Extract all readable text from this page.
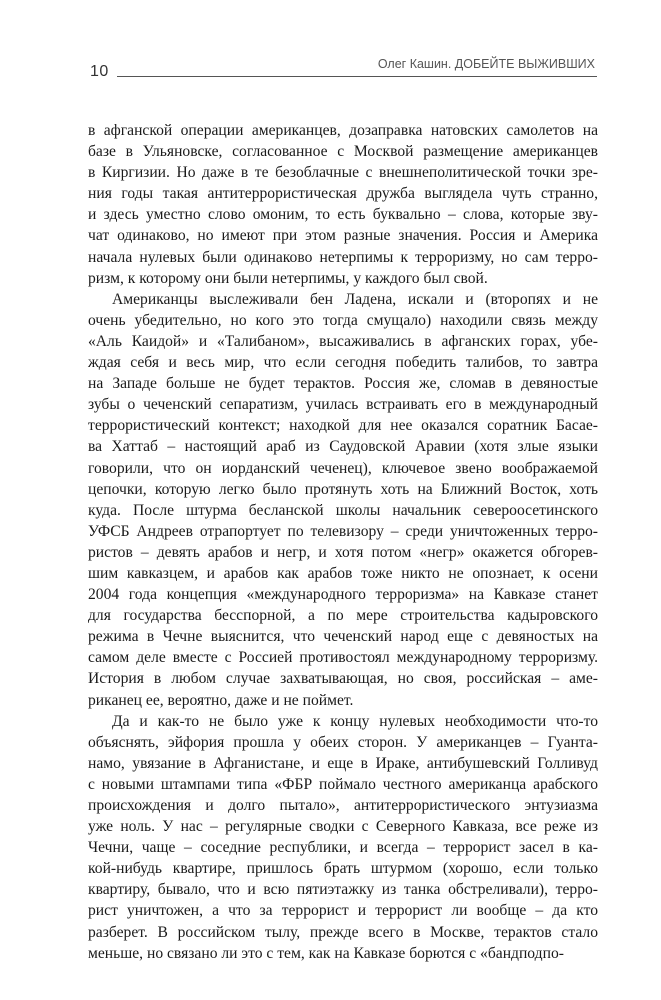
10	Олег Кашин. ДОБЕЙТЕ ВЫЖИВШИХ
в афганской операции американцев, дозаправка натовских самолетов на
базе в Ульяновске, согласованное с Москвой размещение американцев
в Киргизии. Но даже в те безоблачные с внешнеполитической точки зре-
ния годы такая антитеррористическая дружба выглядела чуть странно,
и здесь уместно слово омоним, то есть буквально – слова, которые зву-
чат одинаково, но имеют при этом разные значения. Россия и Америка
начала нулевых были одинаково нетерпимы к терроризму, но сам терро-
ризм, к которому они были нетерпимы, у каждого был свой.
Американцы выслеживали бен Ладена, искали и (второпях и не
очень убедительно, но кого это тогда смущало) находили связь между
«Аль Каидой» и «Талибаном», высаживались в афганских горах, убе-
ждая себя и весь мир, что если сегодня победить талибов, то завтра
на Западе больше не будет терактов. Россия же, сломав в девяностые
зубы о чеченский сепаратизм, училась встраивать его в международный
террористический контекст; находкой для нее оказался соратник Басае-
ва Хаттаб – настоящий араб из Саудовской Аравии (хотя злые языки
говорили, что он иорданский чеченец), ключевое звено воображаемой
цепочки, которую легко было протянуть хоть на Ближний Восток, хоть
куда. После штурма бесланской школы начальник североосетинского
УФСБ Андреев отрапортует по телевизору – среди уничтоженных терро-
ристов – девять арабов и негр, и хотя потом «негр» окажется обгорев-
шим кавказцем, и арабов как арабов тоже никто не опознает, к осени
2004 года концепция «международного терроризма» на Кавказе станет
для государства бесспорной, а по мере строительства кадыровского
режима в Чечне выяснится, что чеченский народ еще с девяностых на
самом деле вместе с Россией противостоял международному терроризму.
История в любом случае захватывающая, но своя, российская – аме-
риканец ее, вероятно, даже и не поймет.
Да и как-то не было уже к концу нулевых необходимости что-то
объяснять, эйфория прошла у обеих сторон. У американцев – Гуанта-
намо, увязание в Афганистане, и еще в Ираке, антибушевский Голливуд
с новыми штампами типа «ФБР поймало честного американца арабского
происхождения и долго пытало», антитеррористического энтузиазма
уже ноль. У нас – регулярные сводки с Северного Кавказа, все реже из
Чечни, чаще – соседние республики, и всегда – террорист засел в ка-
кой-нибудь квартире, пришлось брать штурмом (хорошо, если только
квартиру, бывало, что и всю пятиэтажку из танка обстреливали), терро-
рист уничтожен, а что за террорист и террорист ли вообще – да кто
разберет. В российском тылу, прежде всего в Москве, терактов стало
меньше, но связано ли это с тем, как на Кавказе борются с «бандподпо-
